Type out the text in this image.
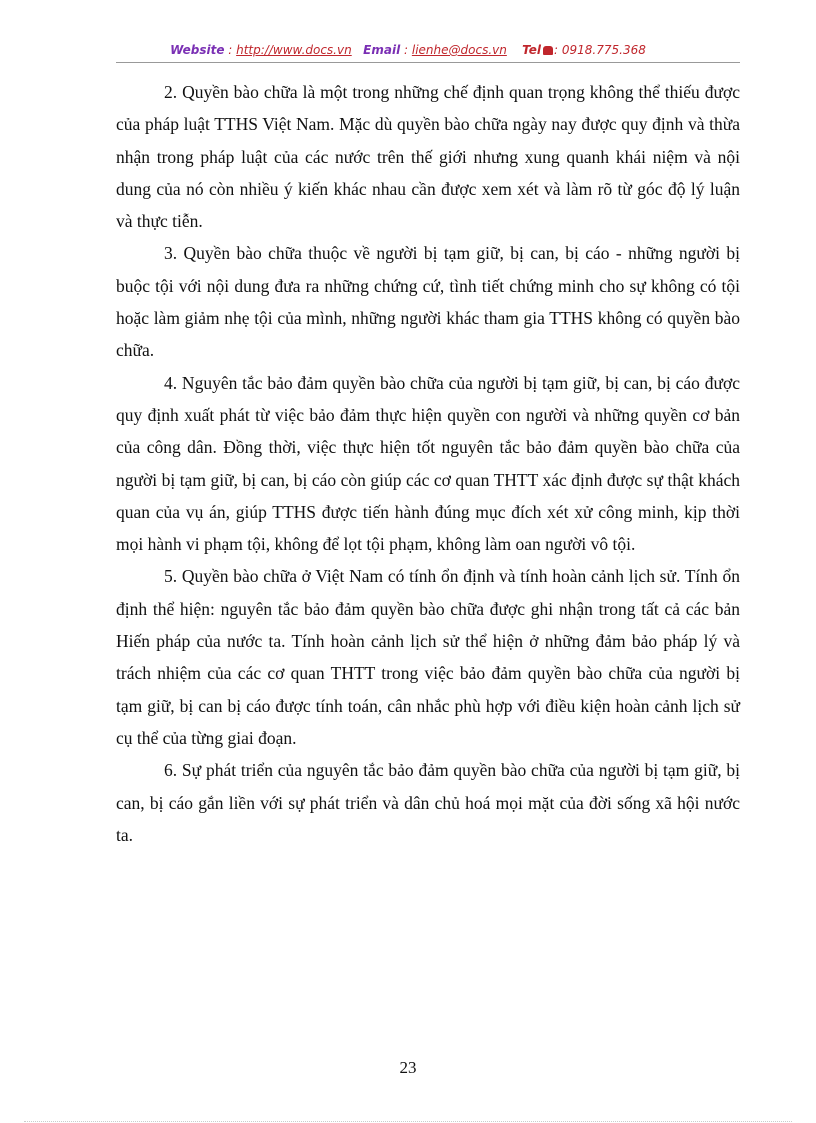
Website : http://www.docs.vn Email : lienhe@docs.vn Tel : 0918.775.368

2. Quyền bào chữa là một trong những chế định quan trọng không thể thiếu được của pháp luật TTHS Việt Nam. Mặc dù quyền bào chữa ngày nay được quy định và thừa nhận trong pháp luật của các nước trên thế giới nhưng xung quanh khái niệm và nội dung của nó còn nhiều ý kiến khác nhau cần được xem xét và làm rõ từ góc độ lý luận và thực tiễn.

3. Quyền bào chữa thuộc về người bị tạm giữ, bị can, bị cáo - những người bị buộc tội với nội dung đưa ra những chứng cứ, tình tiết chứng minh cho sự không có tội hoặc làm giảm nhẹ tội của mình, những người khác tham gia TTHS không có quyền bào chữa.

4. Nguyên tắc bảo đảm quyền bào chữa của người bị tạm giữ, bị can, bị cáo được quy định xuất phát từ việc bảo đảm thực hiện quyền con người và những quyền cơ bản của công dân. Đồng thời, việc thực hiện tốt nguyên tắc bảo đảm quyền bào chữa của người bị tạm giữ, bị can, bị cáo còn giúp các cơ quan THTT xác định được sự thật khách quan của vụ án, giúp TTHS được tiến hành đúng mục đích xét xử công minh, kịp thời mọi hành vi phạm tội, không để lọt tội phạm, không làm oan người vô tội.

5. Quyền bào chữa ở Việt Nam có tính ổn định và tính hoàn cảnh lịch sử. Tính ổn định thể hiện: nguyên tắc bảo đảm quyền bào chữa được ghi nhận trong tất cả các bản Hiến pháp của nước ta. Tính hoàn cảnh lịch sử thể hiện ở những đảm bảo pháp lý và trách nhiệm của các cơ quan THTT trong việc bảo đảm quyền bào chữa của người bị tạm giữ, bị can bị cáo được tính toán, cân nhắc phù hợp với điều kiện hoàn cảnh lịch sử cụ thể của từng giai đoạn.

6. Sự phát triển của nguyên tắc bảo đảm quyền bào chữa của người bị tạm giữ, bị can, bị cáo gắn liền với sự phát triển và dân chủ hoá mọi mặt của đời sống xã hội nước ta.

23
